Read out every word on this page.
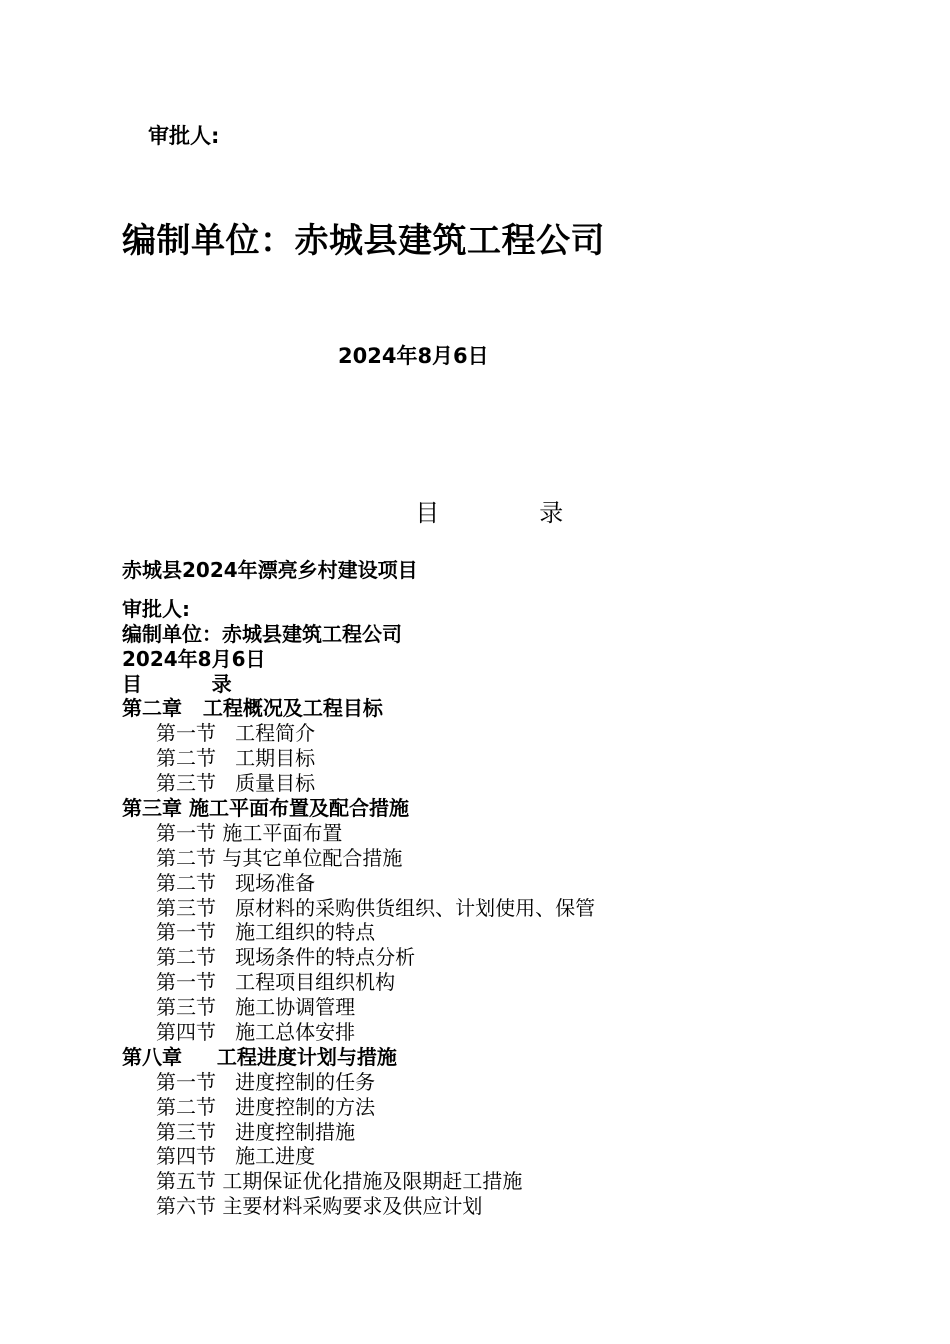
审批人:
编制单位：赤城县建筑工程公司
2024年8月6日

目	录

赤城县2024年漂亮乡村建设项目
审批人:
编制单位：赤城县建筑工程公司
2024年8月6日
目          录
第二章   工程概况及工程目标
第一节   工程简介
第二节   工期目标
第三节   质量目标
第三章 施工平面布置及配合措施
第一节 施工平面布置
第二节 与其它单位配合措施
第二节   现场准备
第三节   原材料的采购供货组织、计划使用、保管
第一节   施工组织的特点
第二节   现场条件的特点分析
第一节   工程项目组织机构
第三节   施工协调管理
第四节   施工总体安排
第八章     工程进度计划与措施
第一节   进度控制的任务
第二节   进度控制的方法
第三节   进度控制措施
第四节   施工进度
第五节 工期保证优化措施及限期赶工措施
第六节 主要材料采购要求及供应计划
